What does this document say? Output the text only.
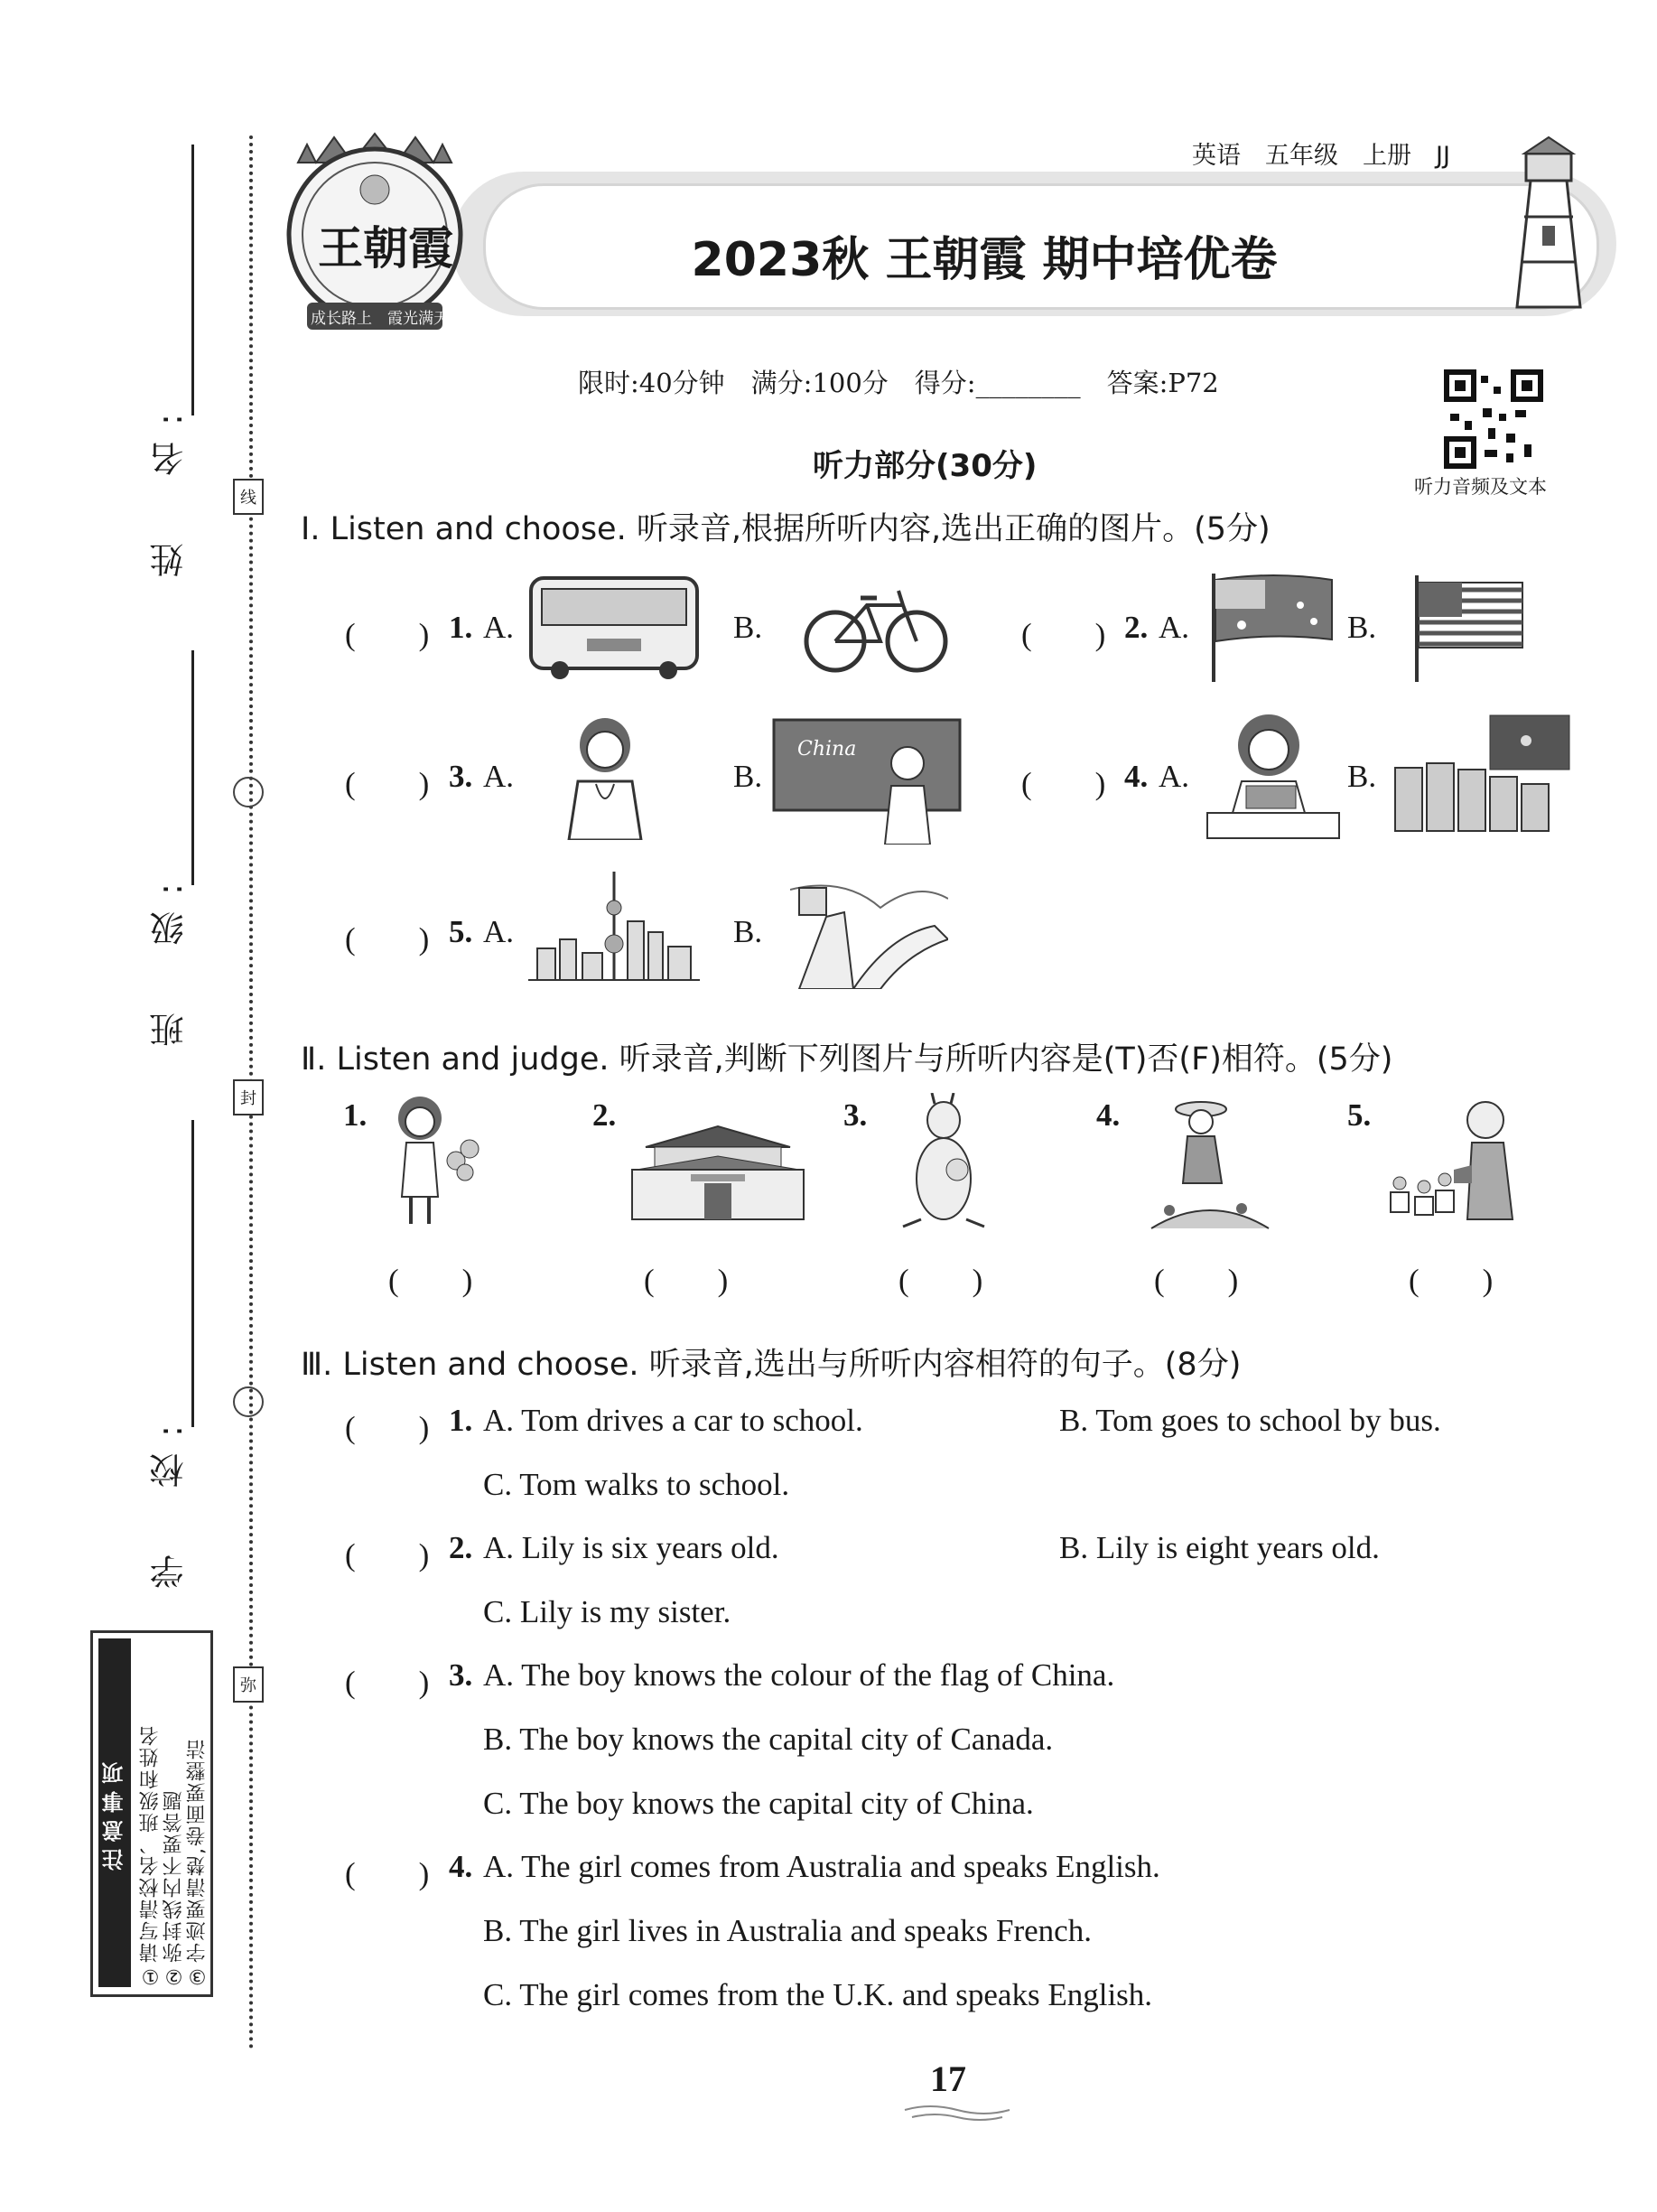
线
封
弥
姓　名:
班　级:
学　校:
注意事项 ①请写清校名、班级和姓名 ②弥封线内不要答题 ③字迹要清楚,卷面要整洁
英语　五年级　上册　JJ
2023秋 王朝霞 期中培优卷
王朝霞
成长路上　霞光满天
限时:40分钟　满分:100分　得分:________　答案:P72
听力音频及文本
听力部分(30分)
Ⅰ. Listen and choose. 听录音,根据所听内容,选出正确的图片。(5分)
(　　) 1. A.	B.	(　　) 2. A.	B.
(　　) 3. A.	B.
China
(　　) 4. A.	B.
(　　) 5. A.	B.
Ⅱ. Listen and judge. 听录音,判断下列图片与所听内容是(T)否(F)相符。(5分)
1.
(　　)
2.
(　　)
3.
(　　)
4.
(　　)
5.
(　　)
Ⅲ. Listen and choose. 听录音,选出与所听内容相符的句子。(8分)
(　　) 1. A. Tom drives a car to school.	B. Tom goes to school by bus.
C. Tom walks to school.
(　　) 2. A. Lily is six years old.	B. Lily is eight years old.
C. Lily is my sister.
(　　) 3. A. The boy knows the colour of the flag of China.
B. The boy knows the capital city of Canada.
C. The boy knows the capital city of China.
(　　) 4. A. The girl comes from Australia and speaks English.
B. The girl lives in Australia and speaks French.
C. The girl comes from the U.K. and speaks English.
17
